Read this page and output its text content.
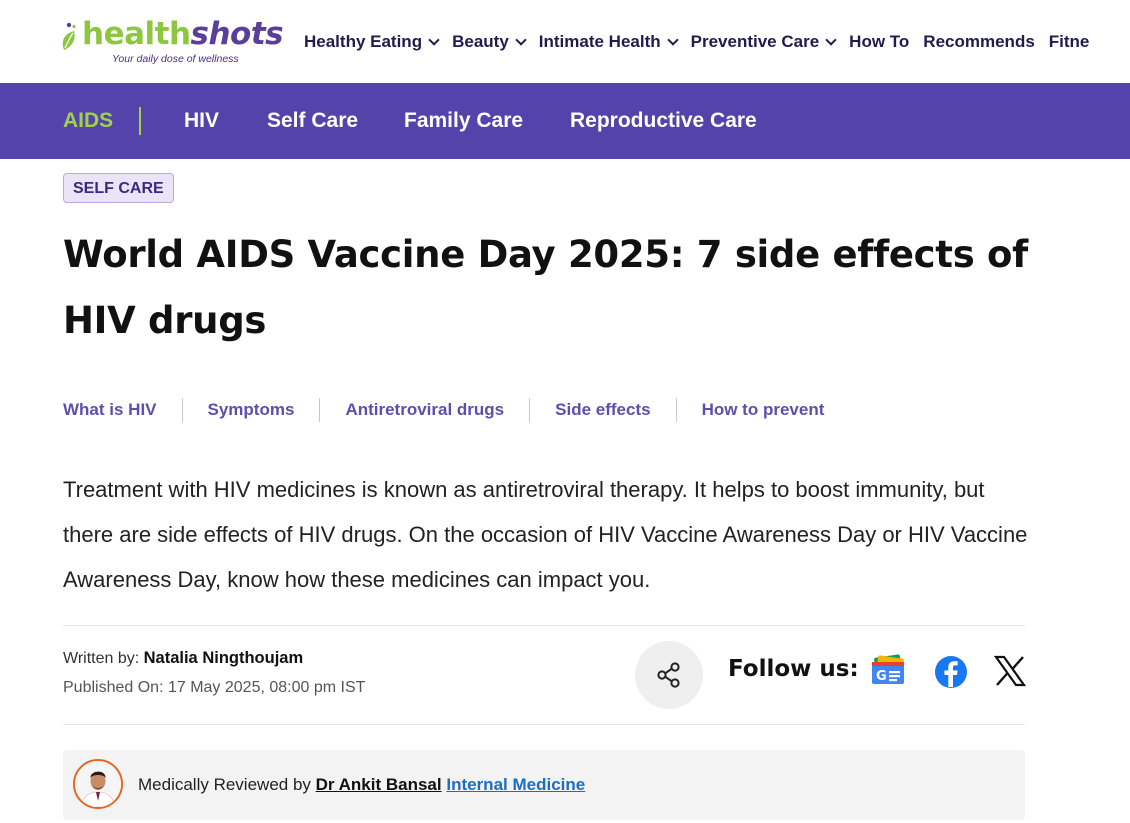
healthshots
Your daily dose of wellness
Healthy Eating Beauty Intimate Health Preventive Care How To Recommends Fitne
AIDS	HIV Self Care Family Care Reproductive Care
SELF CARE
World AIDS Vaccine Day 2025: 7 side effects of HIV drugs
What is HIV	Symptoms	Antiretroviral drugs	Side effects	How to prevent

Treatment with HIV medicines is known as antiretroviral therapy. It helps to boost immunity, but there are side effects of HIV drugs. On the occasion of HIV Vaccine Awareness Day or HIV Vaccine Awareness Day, know how these medicines can impact you.

Written by: Natalia Ningthoujam
Published On: 17 May 2025, 08:00 pm IST
Follow us: G
Medically Reviewed by Dr Ankit Bansal Internal Medicine
